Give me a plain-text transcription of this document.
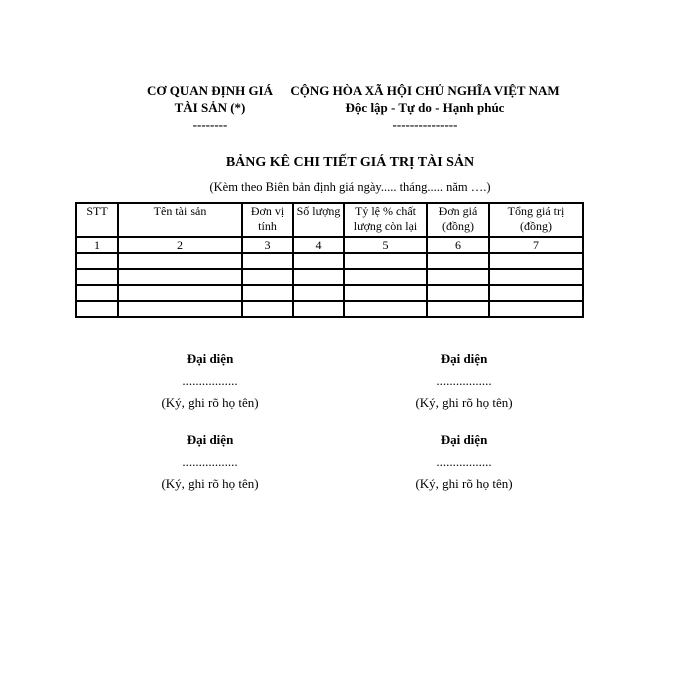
CƠ QUAN ĐỊNH GIÁ
TÀI SẢN (*)
--------
CỘNG HÒA XÃ HỘI CHỦ NGHĨA VIỆT NAM
Độc lập - Tự do - Hạnh phúc
---------------
BẢNG KÊ CHI TIẾT GIÁ TRỊ TÀI SẢN
(Kèm theo Biên bản định giá ngày..... tháng..... năm ….)
STT	Tên tài sản	Đơn vị tính	Số lượng	Tỷ lệ % chất lượng còn lại	Đơn giá (đồng)	Tổng giá trị (đồng)
1	2	3	4	5	6	7

Đại diện
.................
(Ký, ghi rõ họ tên)
Đại diện
.................
(Ký, ghi rõ họ tên)
Đại diện
.................
(Ký, ghi rõ họ tên)
Đại diện
.................
(Ký, ghi rõ họ tên)
